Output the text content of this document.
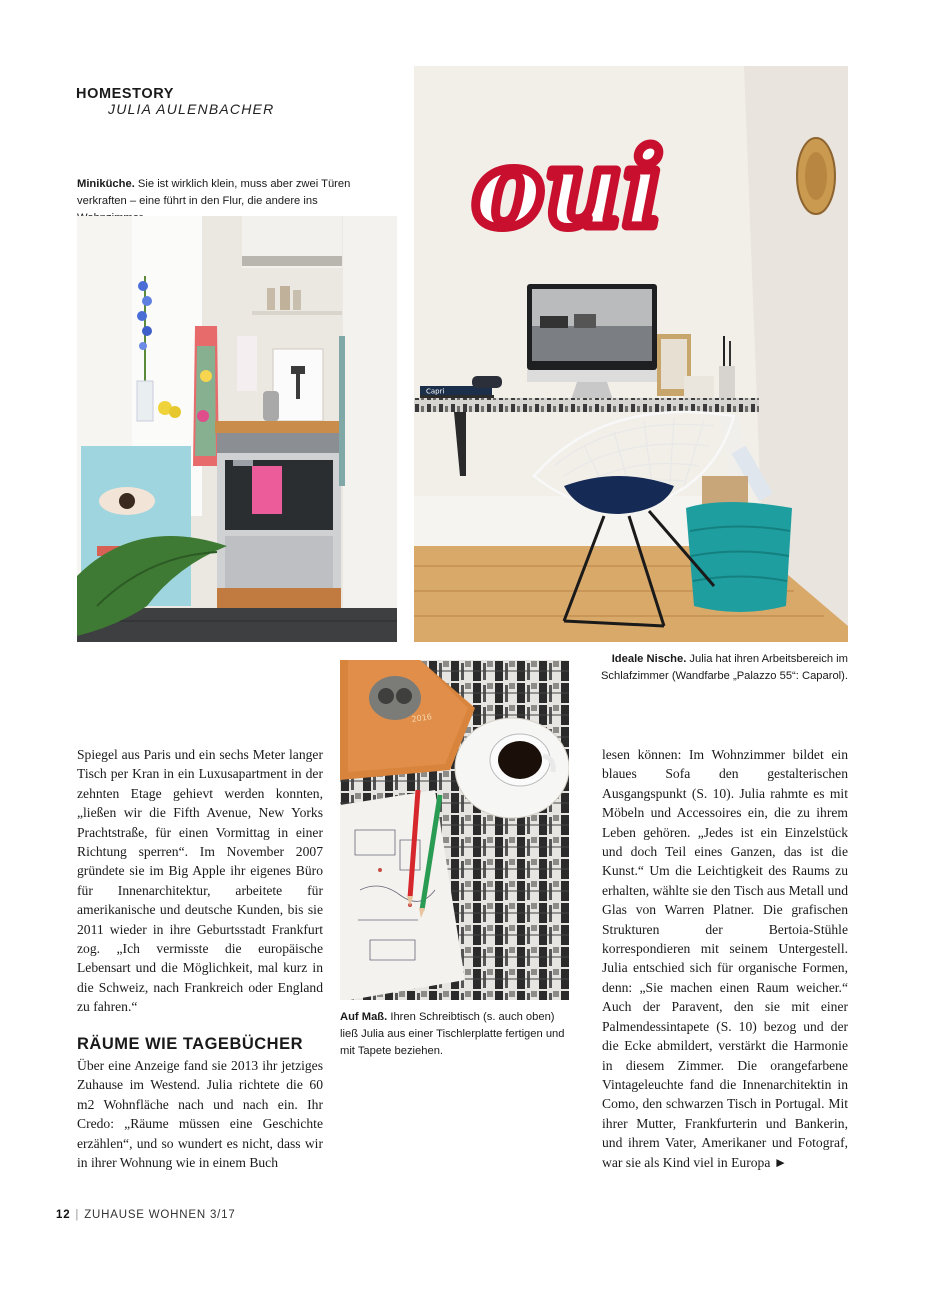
HOMESTORY
JULIA AULENBACHER
Miniküche. Sie ist wirklich klein, muss aber zwei Türen verkraften – eine führt in den Flur, die andere ins	oui
Capri
Ideale Nische. Julia hat ihren Arbeitsbereich im Schlafzimmer (Wandfarbe „Palazzo 55“: Caparol).
2016
Auf Maß. Ihren Schreibtisch (s. auch oben) ließ Julia aus einer Tischlerplatte fertigen und mit Tapete beziehen.

Spiegel aus Paris und ein sechs Meter langer Tisch per Kran in ein Luxusapartment in der zehnten Etage gehievt werden konnten, „ließen wir die Fifth Avenue, New Yorks Prachtstraße, für einen Vormittag in einer Richtung sperren“. Im November 2007 gründete sie im Big Apple ihr eigenes Büro für Innenarchitektur, arbeitete für amerikanische und deutsche Kunden, bis sie 2011 wieder in ihre Geburtsstadt Frankfurt zog. „Ich vermisste die europäische Lebensart und die Möglichkeit, mal kurz in die Schweiz, nach Frankreich oder England zu fahren.“

RÄUME WIE TAGEBÜCHER

Über eine Anzeige fand sie 2013 ihr jetziges Zuhause im Westend. Julia richtete die 60 m2 Wohnfläche nach und nach ein. Ihr Credo: „Räume müssen eine Geschichte erzählen“, und so wundert es nicht, dass wir in ihrer Wohnung wie in einem Buch

lesen können: Im Wohnzimmer bildet ein blaues Sofa den gestalterischen Ausgangspunkt (S. 10). Julia rahmte es mit Möbeln und Accessoires ein, die zu ihrem Leben gehören. „Jedes ist ein Einzelstück und doch Teil eines Ganzen, das ist die Kunst.“ Um die Leichtigkeit des Raums zu erhalten, wählte sie den Tisch aus Metall und Glas von Warren Platner. Die grafischen Strukturen der Bertoia-Stühle korrespondieren mit seinem Untergestell. Julia entschied sich für organische Formen, denn: „Sie machen einen Raum weicher.“ Auch der Paravent, den sie mit einer Palmendessintapete (S. 10) bezog und der die Ecke abmildert, verstärkt die Harmonie in diesem Zimmer. Die orangefarbene Vintageleuchte fand die Innenarchitektin in Como, den schwarzen Tisch in Portugal. Mit ihrer Mutter, Frankfurterin und Bankerin, und ihrem Vater, Amerikaner und Fotograf, war sie als Kind viel in Europa ►

12 | ZUHAUSE WOHNEN 3/17
